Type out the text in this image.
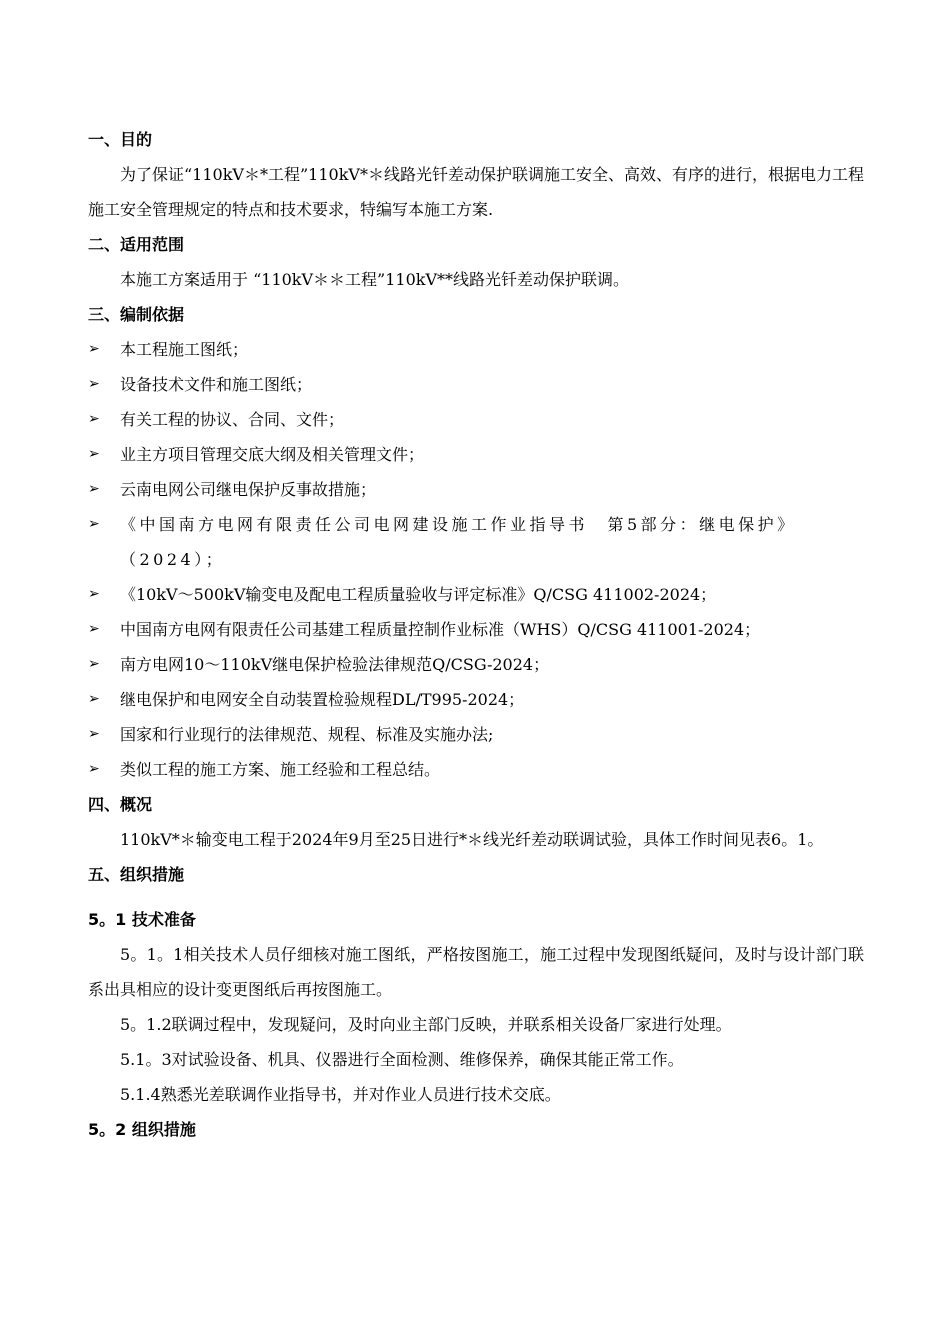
一、目的
为了保证“110kV＊*工程”110kV*＊线路光钎差动保护联调施工安全、高效、有序的进行，根据电力工程施工安全管理规定的特点和技术要求，特编写本施工方案.
二、适用范围
本施工方案适用于 “110kV＊＊工程”110kV**线路光钎差动保护联调。
三、编制依据
➢ 本工程施工图纸；
➢ 设备技术文件和施工图纸；
➢ 有关工程的协议、合同、文件；
➢ 业主方项目管理交底大纲及相关管理文件；
➢ 云南电网公司继电保护反事故措施；
➢ 《中国南方电网有限责任公司电网建设施工作业指导书　第5部分：继电保护》（2024）；
➢ 《10kV～500kV输变电及配电工程质量验收与评定标准》Q/CSG 411002-2024；
➢ 中国南方电网有限责任公司基建工程质量控制作业标准（WHS）Q/CSG 411001-2024；
➢ 南方电网10～110kV继电保护检验法律规范Q/CSG-2024；
➢ 继电保护和电网安全自动装置检验规程DL/T995-2024；
➢ 国家和行业现行的法律规范、规程、标准及实施办法;
➢ 类似工程的施工方案、施工经验和工程总结。
四、概况
110kV*＊输变电工程于2024年9月至25日进行*＊线光纤差动联调试验，具体工作时间见表6。1。
五、组织措施
5。1 技术准备
5。1。1相关技术人员仔细核对施工图纸，严格按图施工，施工过程中发现图纸疑问，及时与设计部门联系出具相应的设计变更图纸后再按图施工。
5。1.2联调过程中，发现疑问，及时向业主部门反映，并联系相关设备厂家进行处理。
5.1。3对试验设备、机具、仪器进行全面检测、维修保养，确保其能正常工作。
5.1.4熟悉光差联调作业指导书，并对作业人员进行技术交底。
5。2 组织措施
